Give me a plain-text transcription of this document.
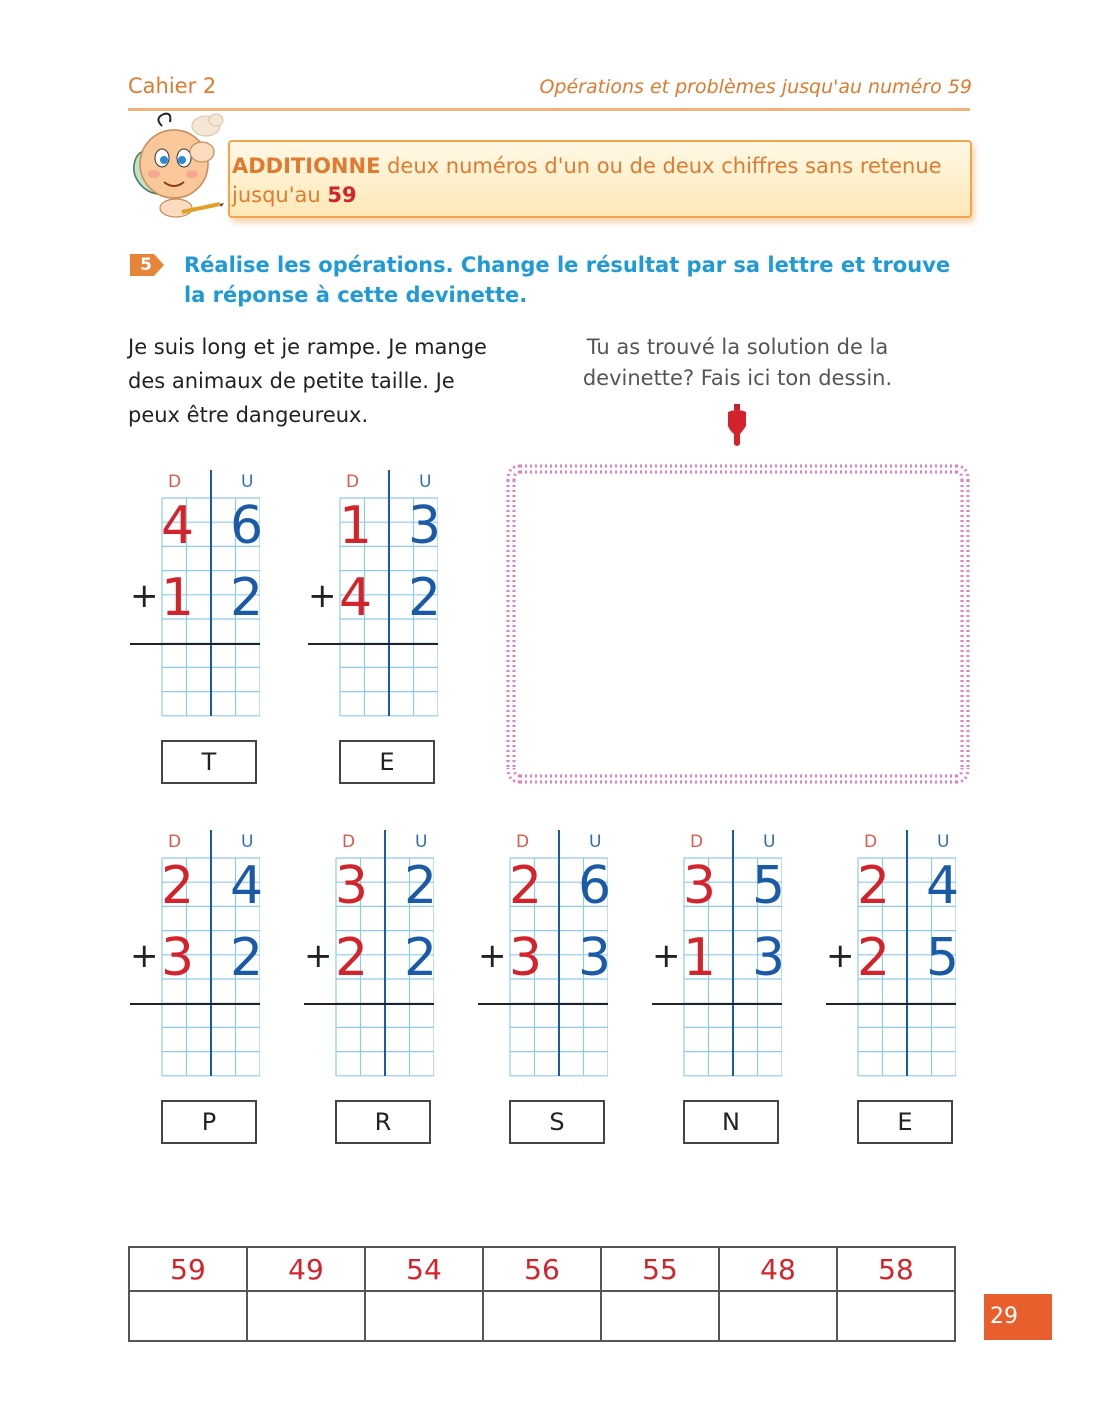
Cahier 2	Opérations et problèmes jusqu'au numéro 59
ADDITIONNE deux numéros d'un ou de deux chiffres sans retenue jusqu'au 59
5 Réalise les opérations. Change le résultat par sa lettre et trouve la réponse à cette devinette.
Je suis long et je rampe. Je mange des animaux de petite taille. Je peux être dangeureux.
Tu as trouvé la solution de la devinette? Fais ici ton dessin.
D	U
4 6
+ 1 2
T
D	U
1 3
+ 4 2
E
D	U
2 4
+ 3 2
P
D	U
3 2
+ 2 2
R
D	U
2 6
+ 3 3
S
D	U
3 5
+ 1 3
N
D	U
2 4
+ 2 5
E
59	49	54	56	55	48	58

29
